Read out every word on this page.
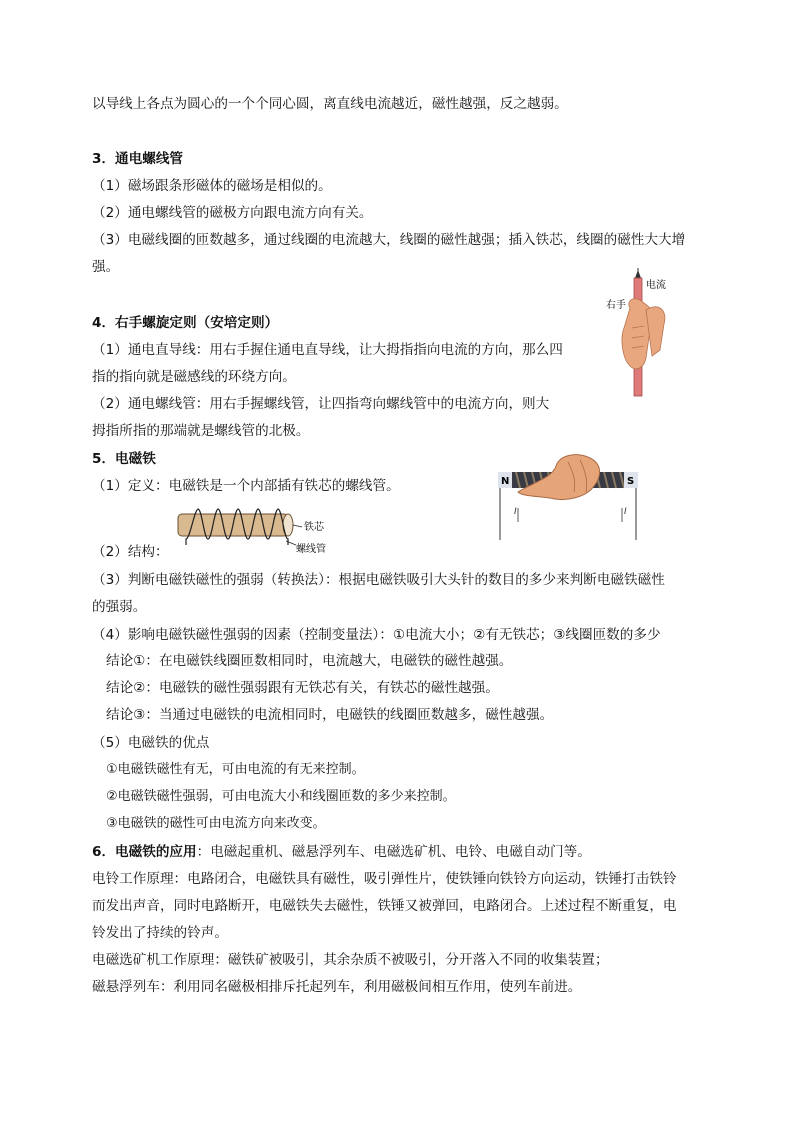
以导线上各点为圆心的一个个同心圆，离直线电流越近，磁性越强，反之越弱。
3．通电螺线管
（1）磁场跟条形磁体的磁场是相似的。
（2）通电螺线管的磁极方向跟电流方向有关。
（3）电磁线圈的匝数越多，通过线圈的电流越大，线圈的磁性越强；插入铁芯，线圈的磁性大大增
强。
右手
电流
4．右手螺旋定则（安培定则）
（1）通电直导线：用右手握住通电直导线，让大拇指指向电流的方向，那么四
指的指向就是磁感线的环绕方向。
（2）通电螺线管：用右手握螺线管，让四指弯向螺线管中的电流方向，则大
拇指所指的那端就是螺线管的北极。
5．电磁铁
（1）定义：电磁铁是一个内部插有铁芯的螺线管。	N	S
I	I
铁芯
螺线管
（2）结构：
（3）判断电磁铁磁性的强弱（转换法）：根据电磁铁吸引大头针的数目的多少来判断电磁铁磁性
的强弱。
（4）影响电磁铁磁性强弱的因素（控制变量法）：①电流大小；②有无铁芯；③线圈匝数的多少
结论①：在电磁铁线圈匝数相同时，电流越大，电磁铁的磁性越强。
结论②：电磁铁的磁性强弱跟有无铁芯有关，有铁芯的磁性越强。
结论③：当通过电磁铁的电流相同时，电磁铁的线圈匝数越多，磁性越强。
（5）电磁铁的优点
①电磁铁磁性有无，可由电流的有无来控制。
②电磁铁磁性强弱，可由电流大小和线圈匝数的多少来控制。
③电磁铁的磁性可由电流方向来改变。
6．电磁铁的应用：电磁起重机、磁悬浮列车、电磁选矿机、电铃、电磁自动门等。
电铃工作原理：电路闭合，电磁铁具有磁性，吸引弹性片，使铁锤向铁铃方向运动，铁锤打击铁铃
而发出声音，同时电路断开，电磁铁失去磁性，铁锤又被弹回，电路闭合。上述过程不断重复，电
铃发出了持续的铃声。
电磁选矿机工作原理：磁铁矿被吸引，其余杂质不被吸引，分开落入不同的收集装置；
磁悬浮列车：利用同名磁极相排斥托起列车，利用磁极间相互作用，使列车前进。
